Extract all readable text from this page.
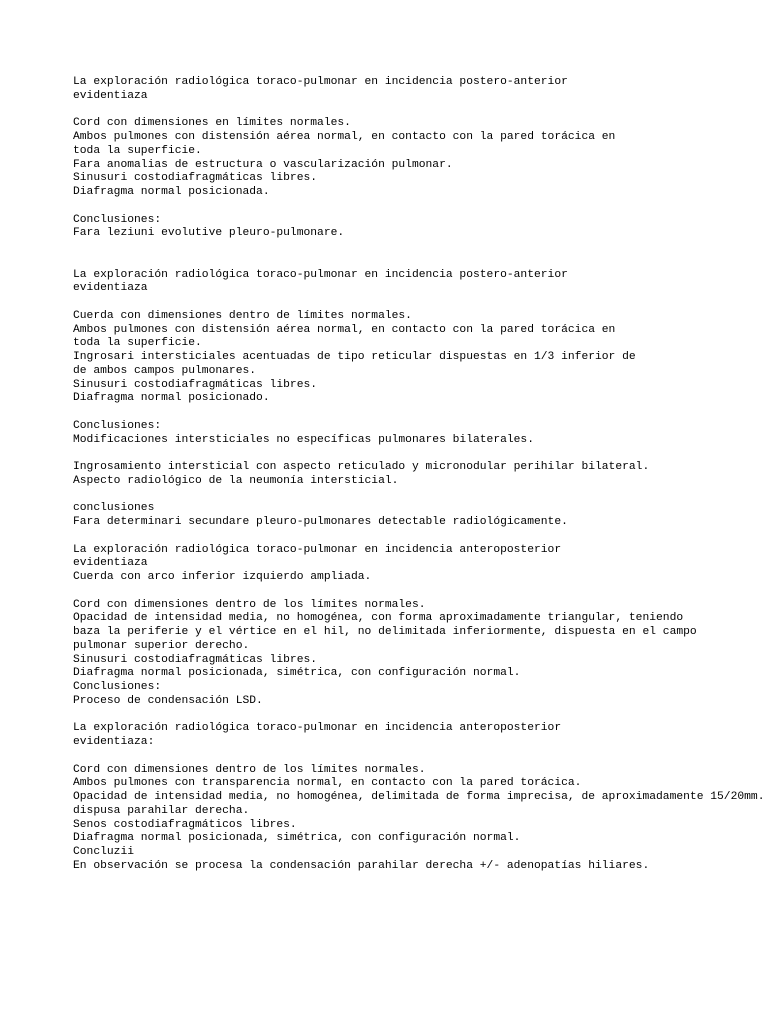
La exploración radiológica toraco-pulmonar en incidencia postero-anterior
evidentiaza

Cord con dimensiones en límites normales.
Ambos pulmones con distensión aérea normal, en contacto con la pared torácica en
toda la superficie.
Fara anomalias de estructura o vascularización pulmonar.
Sinusuri costodiafragmáticas libres.
Diafragma normal posicionada.

Conclusiones:
Fara leziuni evolutive pleuro-pulmonare.

La exploración radiológica toraco-pulmonar en incidencia postero-anterior
evidentiaza

Cuerda con dimensiones dentro de límites normales.
Ambos pulmones con distensión aérea normal, en contacto con la pared torácica en
toda la superficie.
Ingrosari intersticiales acentuadas de tipo reticular dispuestas en 1/3 inferior de
de ambos campos pulmonares.
Sinusuri costodiafragmáticas libres.
Diafragma normal posicionado.

Conclusiones:
Modificaciones intersticiales no específicas pulmonares bilaterales.

Ingrosamiento intersticial con aspecto reticulado y micronodular perihilar bilateral.
Aspecto radiológico de la neumonía intersticial.

conclusiones
Fara determinari secundare pleuro-pulmonares detectable radiológicamente.

La exploración radiológica toraco-pulmonar en incidencia anteroposterior
evidentiaza
Cuerda con arco inferior izquierdo ampliada.

Cord con dimensiones dentro de los límites normales.
Opacidad de intensidad media, no homogénea, con forma aproximadamente triangular, teniendo
baza la periferie y el vértice en el hil, no delimitada inferiormente, dispuesta en el campo
pulmonar superior derecho.
Sinusuri costodiafragmáticas libres.
Diafragma normal posicionada, simétrica, con configuración normal.
Conclusiones:
Proceso de condensación LSD.

La exploración radiológica toraco-pulmonar en incidencia anteroposterior
evidentiaza:

Cord con dimensiones dentro de los límites normales.
Ambos pulmones con transparencia normal, en contacto con la pared torácica.
Opacidad de intensidad media, no homogénea, delimitada de forma imprecisa, de aproximadamente 15/20mm.
dispusa parahilar derecha.
Senos costodiafragmáticos libres.
Diafragma normal posicionada, simétrica, con configuración normal.
Concluzii
En observación se procesa la condensación parahilar derecha +/- adenopatías hiliares.
